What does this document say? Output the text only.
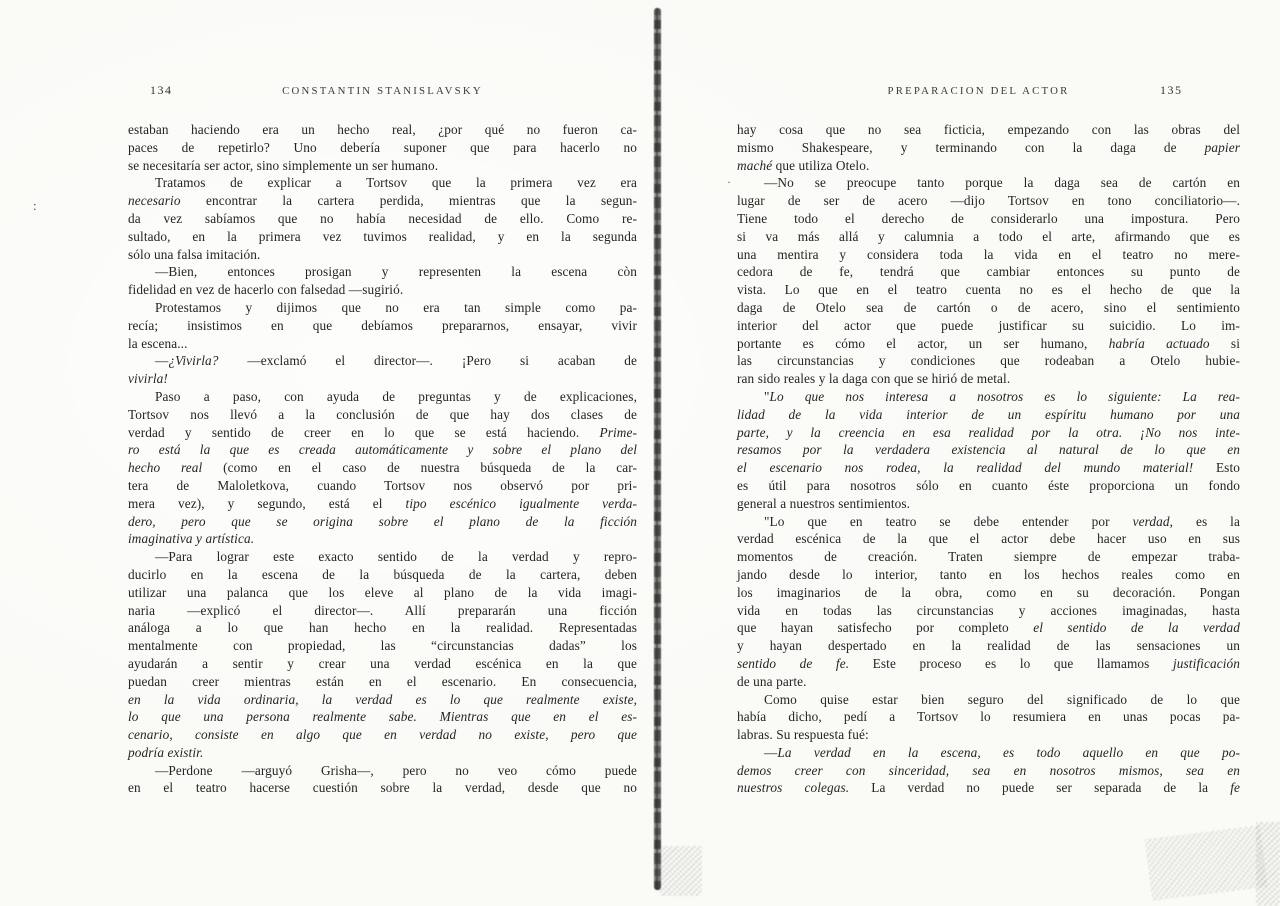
134	CONSTANTIN STANISLAVSKY
estaban haciendo era un hecho real, ¿por qué no fueron ca-
paces de repetirlo? Uno debería suponer que para hacerlo no
se necesitaría ser actor, sino simplemente un ser humano.
Tratamos de explicar a Tortsov que la primera vez era
necesario encontrar la cartera perdida, mientras que la segun-
da vez sabíamos que no había necesidad de ello. Como re-
sultado, en la primera vez tuvimos realidad, y en la segunda
sólo una falsa imitación.
—Bien, entonces prosigan y representen la escena còn
fidelidad en vez de hacerlo con falsedad —sugirió.
Protestamos y dijimos que no era tan simple como pa-
recía; insistimos en que debíamos prepararnos, ensayar, vivir
la escena...
—¿Vivirla? —exclamó el director—. ¡Pero si acaban de
vivirla!
Paso a paso, con ayuda de preguntas y de explicaciones,
Tortsov nos llevó a la conclusión de que hay dos clases de
verdad y sentido de creer en lo que se está haciendo. Prime-
ro está la que es creada automáticamente y sobre el plano del
hecho real (como en el caso de nuestra búsqueda de la car-
tera de Maloletkova, cuando Tortsov nos observó por pri-
mera vez), y segundo, está el tipo escénico igualmente verda-
dero, pero que se origina sobre el plano de la ficción
imaginativa y artística.
—Para lograr este exacto sentido de la verdad y repro-
ducirlo en la escena de la búsqueda de la cartera, deben
utilizar una palanca que los eleve al plano de la vida imagi-
naria —explicó el director—. Allí prepararán una ficción
análoga a lo que han hecho en la realidad. Representadas
mentalmente con propiedad, las “circunstancias dadas” los
ayudarán a sentir y crear una verdad escénica en la que
puedan creer mientras están en el escenario. En consecuencia,
en la vida ordinaria, la verdad es lo que realmente existe,
lo que una persona realmente sabe. Mientras que en el es-
cenario, consiste en algo que en verdad no existe, pero que
podría existir.
—Perdone —arguyó Grisha—, pero no veo cómo puede
en el teatro hacerse cuestión sobre la verdad, desde que no
PREPARACION DEL ACTOR	135
hay cosa que no sea ficticia, empezando con las obras del
mismo Shakespeare, y terminando con la daga de papier
maché que utiliza Otelo.
—No se preocupe tanto porque la daga sea de cartón en
·
lugar de ser de acero —dijo Tortsov en tono conciliatorio—.
Tiene todo el derecho de considerarlo una impostura. Pero
si va más allá y calumnia a todo el arte, afirmando que es
una mentira y considera toda la vida en el teatro no mere-
cedora de fe, tendrá que cambiar entonces su punto de
vista. Lo que en el teatro cuenta no es el hecho de que la
daga de Otelo sea de cartón o de acero, sino el sentimiento
interior del actor que puede justificar su suicidio. Lo im-
portante es cómo el actor, un ser humano, habría actuado si
las circunstancias y condiciones que rodeaban a Otelo hubie-
ran sido reales y la daga con que se hirió de metal.
"Lo que nos interesa a nosotros es lo siguiente: La rea-
lidad de la vida interior de un espíritu humano por una
parte, y la creencia en esa realidad por la otra. ¡No nos inte-
resamos por la verdadera existencia al natural de lo que en
el escenario nos rodea, la realidad del mundo material! Esto
es útil para nosotros sólo en cuanto éste proporciona un fondo
general a nuestros sentimientos.
"Lo que en teatro se debe entender por verdad, es la
verdad escénica de la que el actor debe hacer uso en sus
momentos de creación. Traten siempre de empezar traba-
jando desde lo interior, tanto en los hechos reales como en
los imaginarios de la obra, como en su decoración. Pongan
vida en todas las circunstancias y acciones imaginadas, hasta
que hayan satisfecho por completo el sentido de la verdad
y hayan despertado en la realidad de las sensaciones un
sentido de fe. Este proceso es lo que llamamos justificación
de una parte.
Como quise estar bien seguro del significado de lo que
había dicho, pedí a Tortsov lo resumiera en unas pocas pa-
labras. Su respuesta fué:
—La verdad en la escena, es todo aquello en que po-
demos creer con sinceridad, sea en nosotros mismos, sea en
nuestros colegas. La verdad no puede ser separada de la fe
:
